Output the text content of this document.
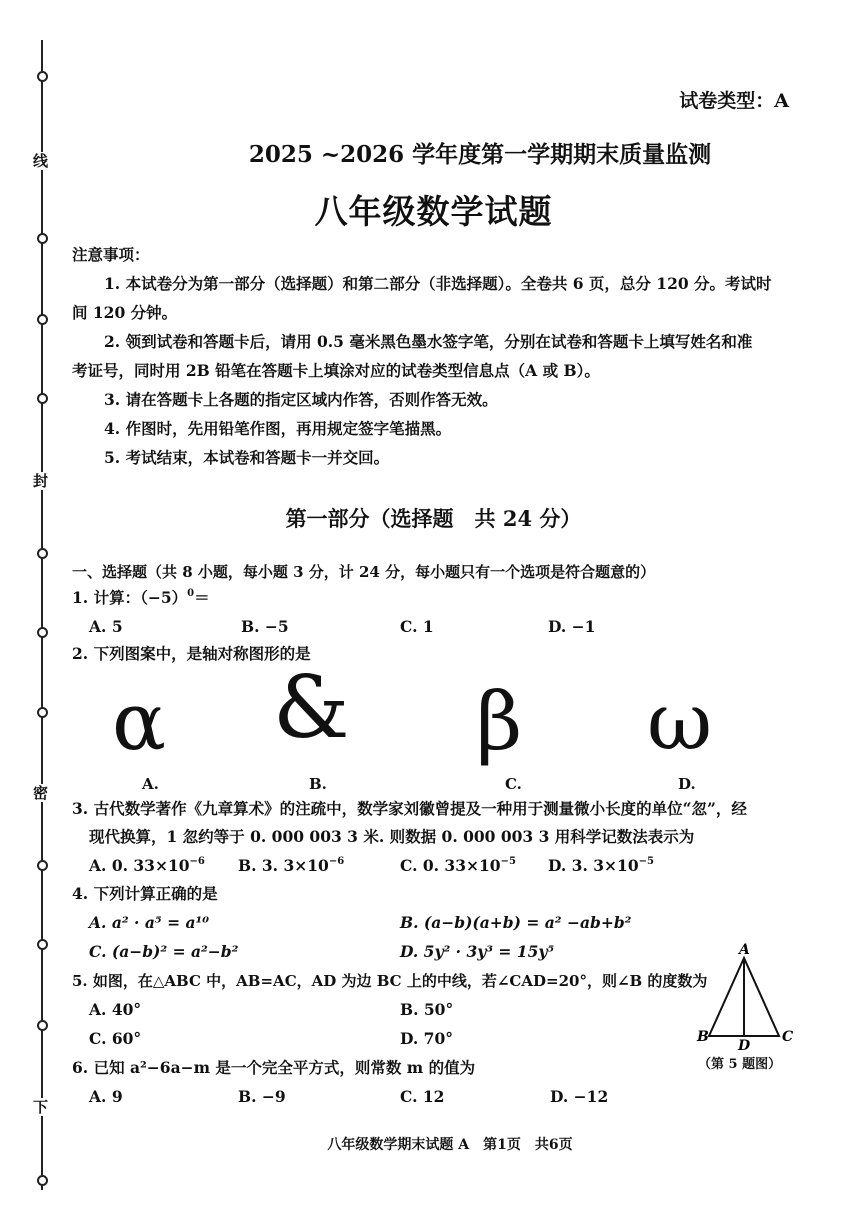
线
封
密
下
试卷类型：A
2025 ~2026 学年度第一学期期末质量监测
八年级数学试题
注意事项：
1. 本试卷分为第一部分（选择题）和第二部分（非选择题）。全卷共 6 页，总分 120 分。考试时
间 120 分钟。
2. 领到试卷和答题卡后，请用 0.5 毫米黑色墨水签字笔，分别在试卷和答题卡上填写姓名和准
考证号，同时用 2B 铅笔在答题卡上填涂对应的试卷类型信息点（A 或 B）。
3. 请在答题卡上各题的指定区域内作答，否则作答无效。
4. 作图时，先用铅笔作图，再用规定签字笔描黑。
5. 考试结束，本试卷和答题卡一并交回。
第一部分（选择题　共 24 分）
一、选择题（共 8 小题，每小题 3 分，计 24 分，每小题只有一个选项是符合题意的）
1. 计算：$(-5)^0=$
A. 5	B. −5	C. 1	D. −1
2. 下列图案中，是轴对称图形的是
α & β ω
A.	B.	C.	D.
3. 古代数学著作《九章算术》的注疏中，数学家刘徽曾提及一种用于测量微小长度的单位“忽”，经
现代换算，1 忽约等于 0. 000 003 3 米. 则数据 0. 000 003 3 用科学记数法表示为
A. 0. $33\times 10^{-6}$ B. 3. $3\times 10^{-6}$	C. 0. $33\times 10^{-5}$ D. 3. $3\times 10^{-5}$
4. 下列计算正确的是
A. a² · a⁵ = a¹⁰	B. (a−b)(a+b) = a² −ab+b²
C. (a−b)² = a²−b²	D. 5y² · 3y³ = 15y⁵
5. 如图，在△ABC 中，AB=AC，AD 为边 BC 上的中线，若∠CAD=20°，则∠B 的度数为
A. 40°	B. 50°
C. 60°	D. 70°
A
B	C
D
（第 5 题图）
6. 已知 a²−6a−m 是一个完全平方式，则常数 m 的值为
A. 9	B. −9	C. 12	D. −12
八年级数学期末试题 A　第1页　共6页
